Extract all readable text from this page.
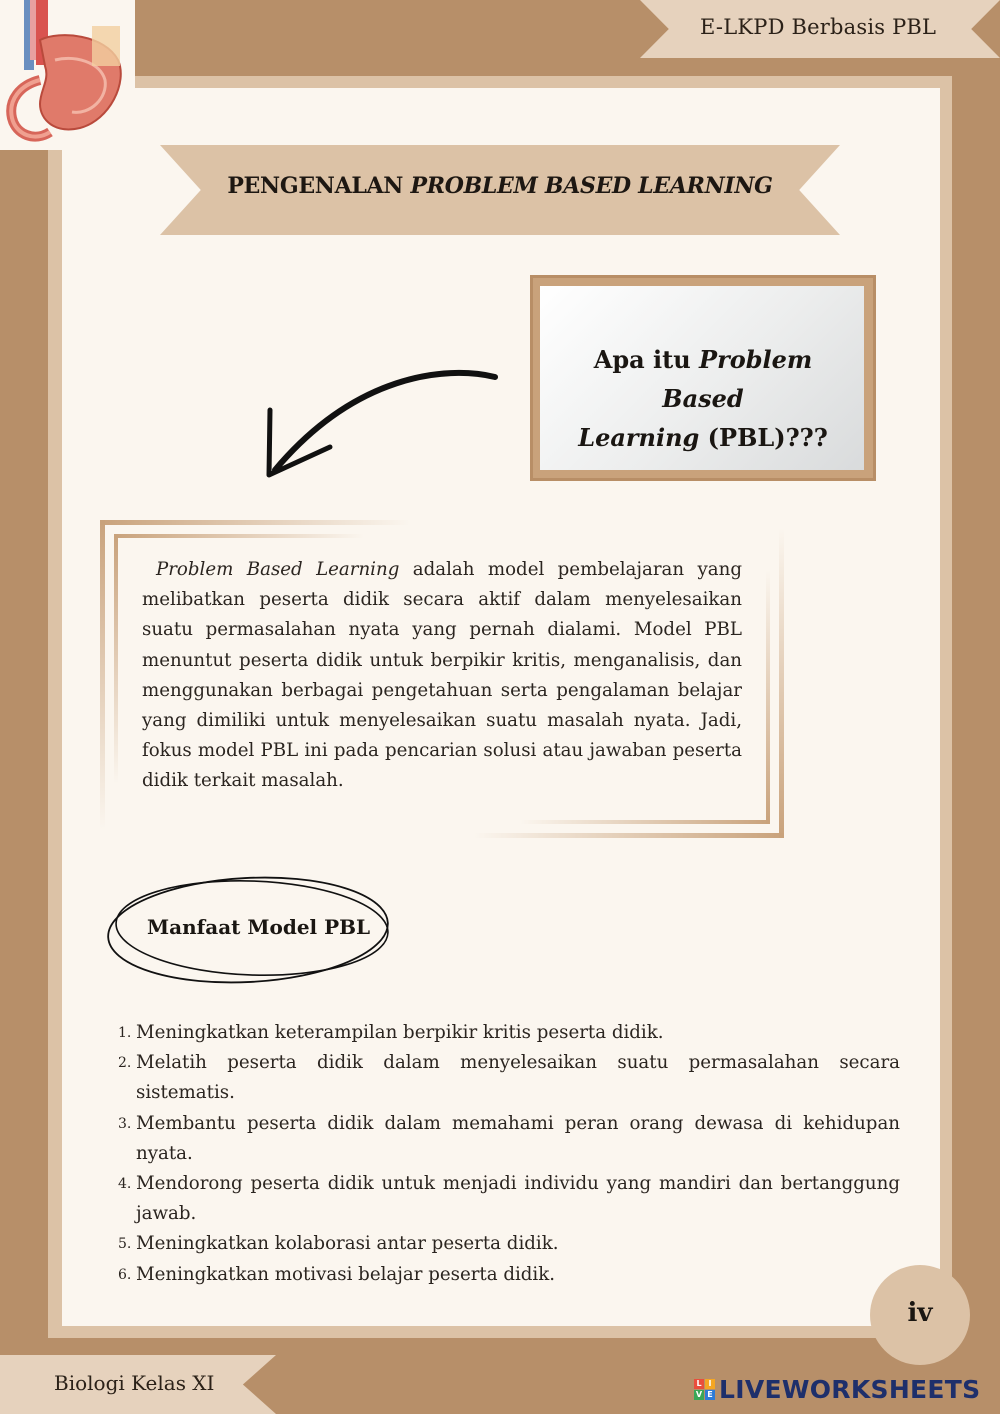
E-LKPD Berbasis PBL
PENGENALAN PROBLEM BASED LEARNING
Apa itu Problem Based
Learning (PBL)???
Problem Based Learning adalah model pembelajaran yang melibatkan peserta didik secara aktif dalam menyelesaikan suatu permasalahan nyata yang pernah dialami. Model PBL menuntut peserta didik untuk berpikir kritis, menganalisis, dan menggunakan berbagai pengetahuan serta pengalaman belajar yang dimiliki untuk menyelesaikan suatu masalah nyata. Jadi, fokus model PBL ini pada pencarian solusi atau jawaban peserta didik terkait masalah.
Manfaat Model PBL
1. Meningkatkan keterampilan berpikir kritis peserta didik.
2. Melatih peserta didik dalam menyelesaikan suatu permasalahan secara sistematis.
3. Membantu peserta didik dalam memahami peran orang dewasa di kehidupan nyata.
4. Mendorong peserta didik untuk menjadi individu yang mandiri dan bertanggung jawab.
5. Meningkatkan kolaborasi antar peserta didik.
6. Meningkatkan motivasi belajar peserta didik.
iv
Biologi Kelas XI	L I
V E LIVEWORKSHEETS
